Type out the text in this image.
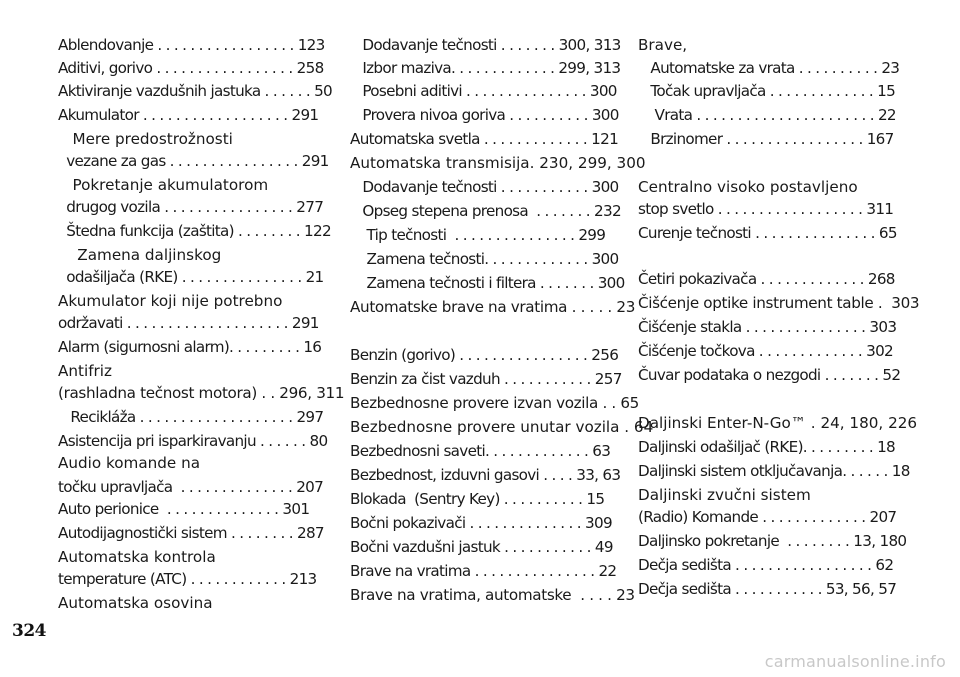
Ablendovanje . . . . . . . . . . . . . . . . . 123
Aditivi, gorivo . . . . . . . . . . . . . . . . . 258
Aktiviranje vazdušnih jastuka . . . . . . 50
Akumulator . . . . . . . . . . . . . . . . . . 291
Mere predostrožnosti
vezane za gas . . . . . . . . . . . . . . . . 291
Pokretanje akumulatorom
drugog vozila . . . . . . . . . . . . . . . . 277
Štedna funkcija (zaštita) . . . . . . . . 122
Zamena daljinskog
odašiljača (RKE) . . . . . . . . . . . . . . . 21
Akumulator koji nije potrebno
održavati . . . . . . . . . . . . . . . . . . . . 291
Alarm (sigurnosni alarm). . . . . . . . . 16
Antifriz
(rashladna tečnost motora) . . 296, 311
Recikláža . . . . . . . . . . . . . . . . . . . 297
Asistencija pri isparkiravanju . . . . . . 80
Audio komande na
točku upravljača  . . . . . . . . . . . . . . 207
Auto perionice  . . . . . . . . . . . . . . 301
Autodijagnostički sistem . . . . . . . . 287
Automatska kontrola
temperature (ATC) . . . . . . . . . . . . 213
Automatska osovina
Dodavanje tečnosti . . . . . . . 300, 313
Izbor maziva. . . . . . . . . . . . . 299, 313
Posebni aditivi . . . . . . . . . . . . . . . 300
Provera nivoa goriva . . . . . . . . . . 300
Automatska svetla . . . . . . . . . . . . . 121
Automatska transmisija. 230, 299, 300
Dodavanje tečnosti . . . . . . . . . . . 300
Opseg stepena prenosa  . . . . . . . 232
Tip tečnosti  . . . . . . . . . . . . . . . 299
Zamena tečnosti. . . . . . . . . . . . . 300
Zamena tečnosti i filtera . . . . . . . 300
Automatske brave na vratima . . . . . 23
Benzin (gorivo) . . . . . . . . . . . . . . . . 256
Benzin za čist vazduh . . . . . . . . . . . 257
Bezbednosne provere izvan vozila . . 65
Bezbednosne provere unutar vozila . 64
Bezbednosni saveti. . . . . . . . . . . . . 63
Bezbednost, izduvni gasovi . . . . 33, 63
Blokada  (Sentry Key) . . . . . . . . . . 15
Bočni pokazivači . . . . . . . . . . . . . . 309
Bočni vazdušni jastuk . . . . . . . . . . . 49
Brave na vratima . . . . . . . . . . . . . . . 22
Brave na vratima, automatske  . . . . 23
Brave,
Automatske za vrata . . . . . . . . . . 23
Točak upravljača . . . . . . . . . . . . . 15
Vrata . . . . . . . . . . . . . . . . . . . . . . 22
Brzinomer . . . . . . . . . . . . . . . . . 167
Centralno visoko postavljeno
stop svetlo . . . . . . . . . . . . . . . . . . 311
Curenje tečnosti . . . . . . . . . . . . . . . 65
Četiri pokazivača . . . . . . . . . . . . . 268
Čišćenje optike instrument table .  303
Čišćenje stakla . . . . . . . . . . . . . . . 303
Čišćenje točkova . . . . . . . . . . . . . 302
Čuvar podataka o nezgodi . . . . . . . 52
Daljinski Enter-N-Go™ . 24, 180, 226
Daljinski odašiljač (RKE). . . . . . . . . 18
Daljinski sistem otključavanja. . . . . . 18
Daljinski zvučni sistem
(Radio) Komande . . . . . . . . . . . . . 207
Daljinsko pokretanje  . . . . . . . . 13, 180
Dečja sedišta . . . . . . . . . . . . . . . . . 62
Dečja sedišta . . . . . . . . . . . 53, 56, 57
324
carmanualsonline.info
